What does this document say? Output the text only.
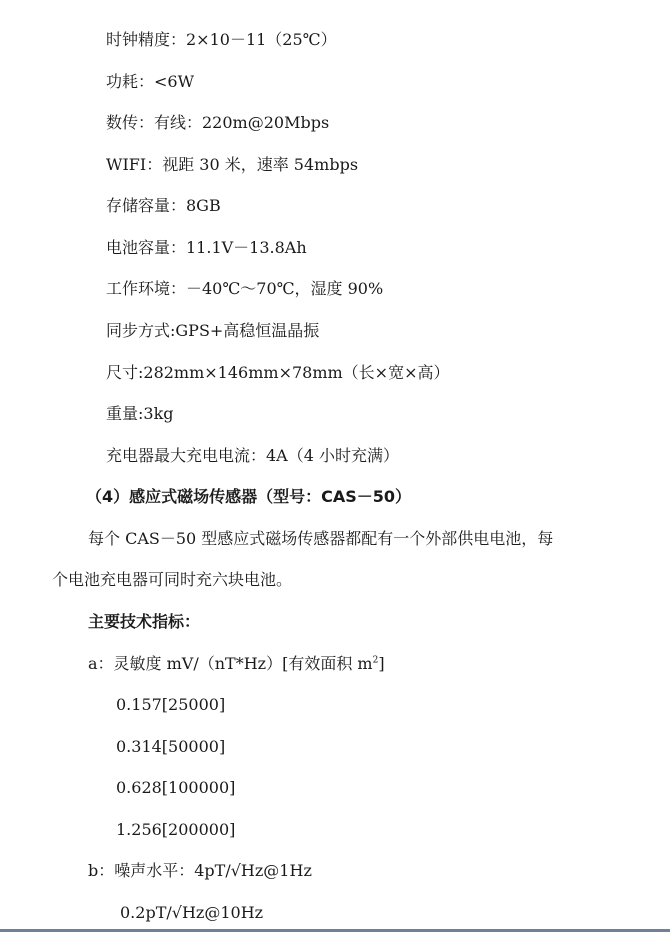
时钟精度：2×10－11（25℃）
功耗：<6W
数传：有线：220m@20Mbps
WIFI：视距 30 米，速率 54mbps
存储容量：8GB
电池容量：11.1V－13.8Ah
工作环境：－40℃～70℃，湿度 90%
同步方式:GPS+高稳恒温晶振
尺寸:282mm×146mm×78mm（长×宽×高）
重量:3kg
充电器最大充电电流：4A（4 小时充满）
（4）感应式磁场传感器（型号：CAS－50）
每个 CAS－50 型感应式磁场传感器都配有一个外部供电电池，每
个电池充电器可同时充六块电池。
主要技术指标：
a：灵敏度 mV/（nT*Hz）[有效面积 $m^2$]
0.157[25000]
0.314[50000]
0.628[100000]
1.256[200000]
b：噪声水平：4pT/√Hz@1Hz
0.2pT/√Hz@10Hz
